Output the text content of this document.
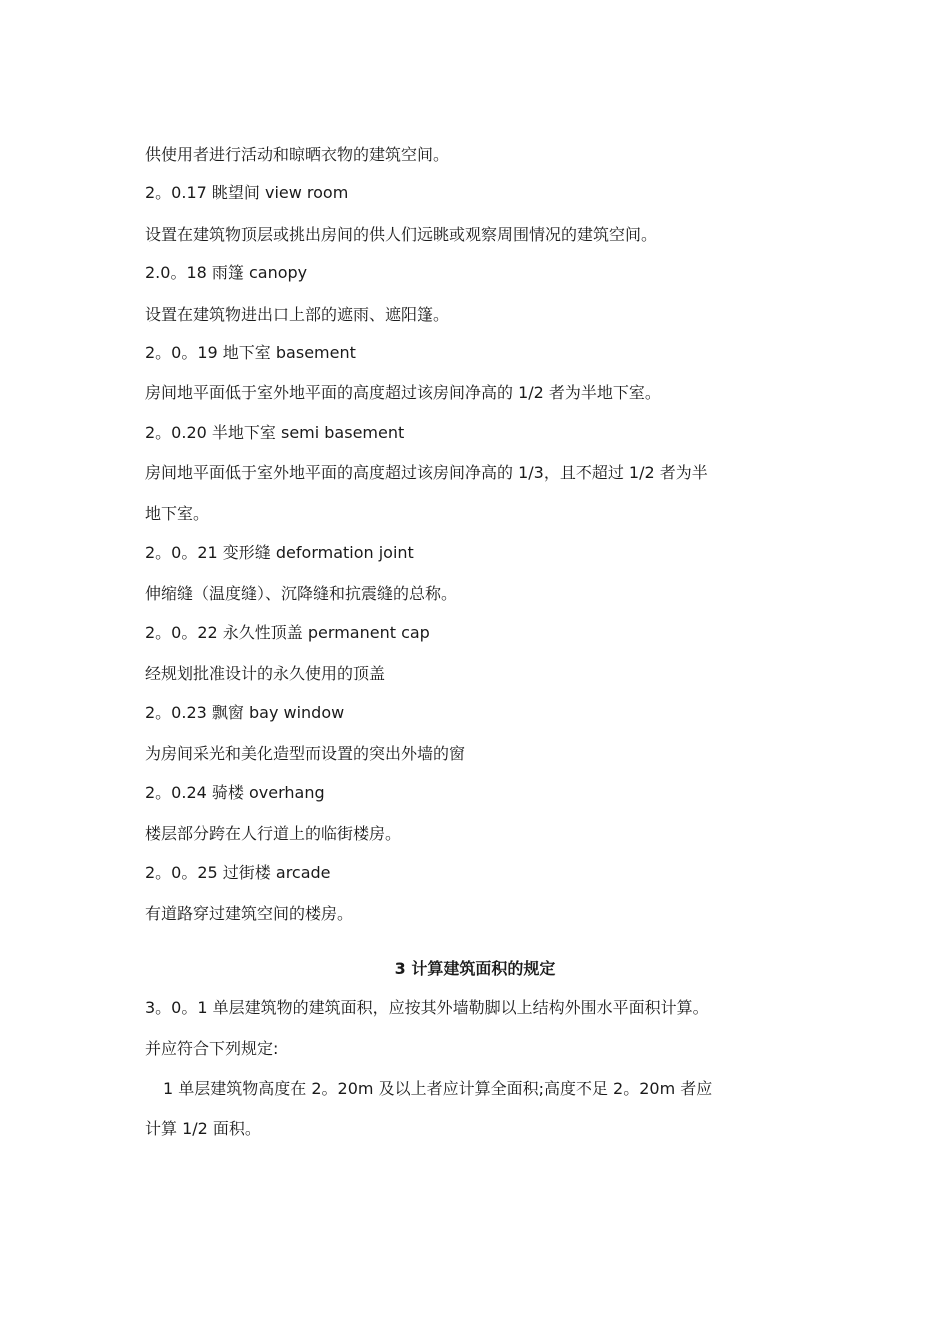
供使用者进行活动和晾晒衣物的建筑空间。
2。0.17 眺望间 view room
设置在建筑物顶层或挑出房间的供人们远眺或观察周围情况的建筑空间。
2.0。18 雨篷 canopy
设置在建筑物进出口上部的遮雨、遮阳篷。
2。0。19 地下室 basement
房间地平面低于室外地平面的高度超过该房间净高的 1/2 者为半地下室。
2。0.20 半地下室 semi basement
房间地平面低于室外地平面的高度超过该房间净高的 1/3，且不超过 1/2 者为半
地下室。
2。0。21 变形缝 deformation joint
伸缩缝（温度缝）、沉降缝和抗震缝的总称。
2。0。22 永久性顶盖 permanent cap
经规划批准设计的永久使用的顶盖
2。0.23 飘窗 bay window
为房间采光和美化造型而设置的突出外墙的窗
2。0.24 骑楼 overhang
楼层部分跨在人行道上的临街楼房。
2。0。25 过街楼 arcade
有道路穿过建筑空间的楼房。
3 计算建筑面积的规定
3。0。1 单层建筑物的建筑面积，应按其外墙勒脚以上结构外围水平面积计算。
并应符合下列规定:
1 单层建筑物高度在 2。20m 及以上者应计算全面积;高度不足 2。20m 者应
计算 1/2 面积。
